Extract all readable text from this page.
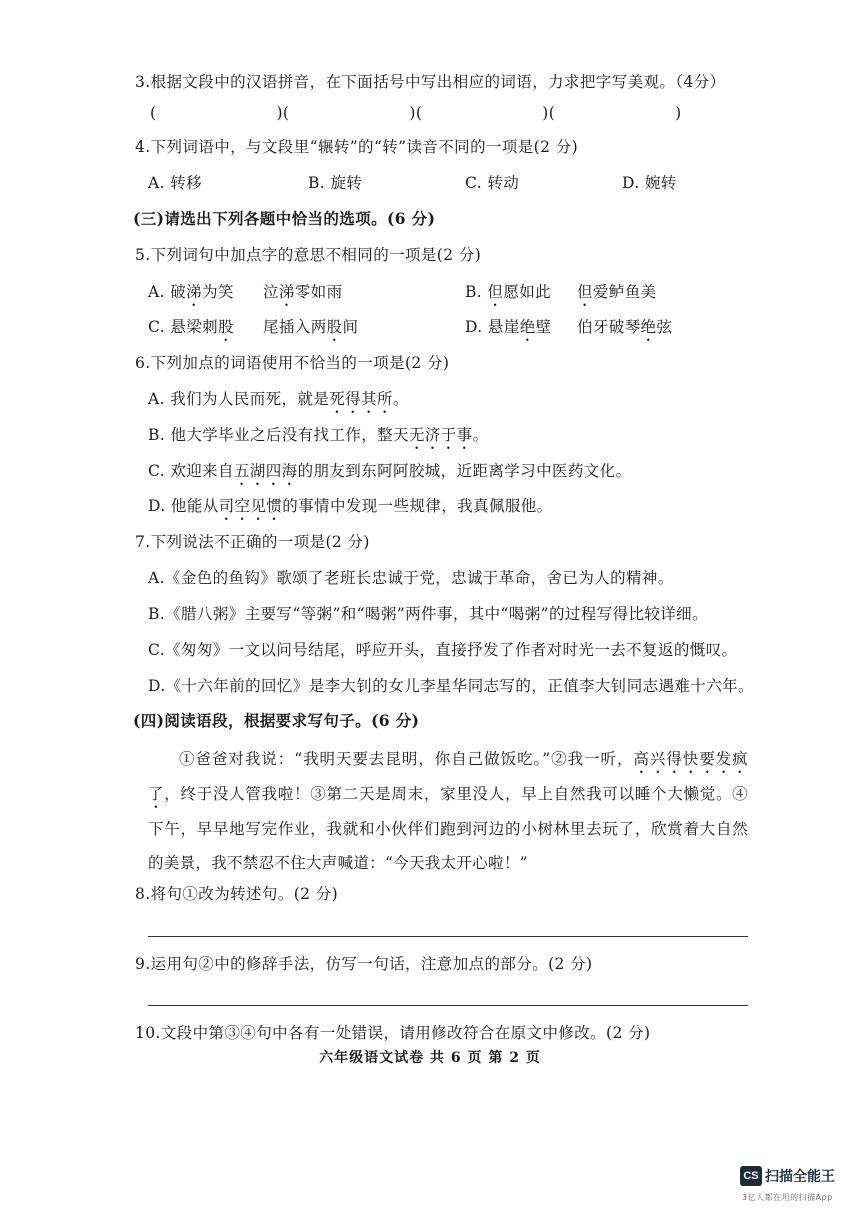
3.根据文段中的汉语拼音，在下面括号中写出相应的词语，力求把字写美观。（4分）
(	)(	)(	)(	)
4.下列词语中，与文段里“辗转”的“转”读音不同的一项是(2 分)
A. 转移	B. 旋转	C. 转动	D. 婉转
(三)请选出下列各题中恰当的选项。(6 分)
5.下列词句中加点字的意思不相同的一项是(2 分)
A. 破涕为笑 泣涕零如雨	B. 但愿如此 但爱鲈鱼美
C. 悬梁刺股 尾插入两股间	D. 悬崖绝壁 伯牙破琴绝弦
6.下列加点的词语使用不恰当的一项是(2 分)
A. 我们为人民而死，就是死得其所。
B. 他大学毕业之后没有找工作，整天无济于事。
C. 欢迎来自五湖四海的朋友到东阿阿胶城，近距离学习中医药文化。
D. 他能从司空见惯的事情中发现一些规律，我真佩服他。
7.下列说法不正确的一项是(2 分)
A.《金色的鱼钩》歌颂了老班长忠诚于党，忠诚于革命，舍已为人的精神。
B.《腊八粥》主要写“等粥”和“喝粥”两件事，其中“喝粥”的过程写得比较详细。
C.《匆匆》一文以问号结尾，呼应开头，直接抒发了作者对时光一去不复返的慨叹。
D.《十六年前的回忆》是李大钊的女儿李星华同志写的，正值李大钊同志遇难十六年。
(四)阅读语段，根据要求写句子。(6 分)
①爸爸对我说：“我明天要去昆明，你自己做饭吃。”②我一听，高兴得快要发疯了，终于没人管我啦！③第二天是周末，家里没人，早上自然我可以睡个大懒觉。④下午，早早地写完作业，我就和小伙伴们跑到河边的小树林里去玩了，欣赏着大自然的美景，我不禁忍不住大声喊道：“今天我太开心啦！”
8.将句①改为转述句。(2 分)
9.运用句②中的修辞手法，仿写一句话，注意加点的部分。(2 分)
10.文段中第③④句中各有一处错误，请用修改符合在原文中修改。(2 分)
六年级语文试卷 共 6 页 第 2 页
CS 扫描全能王
3亿人都在用的扫描App
